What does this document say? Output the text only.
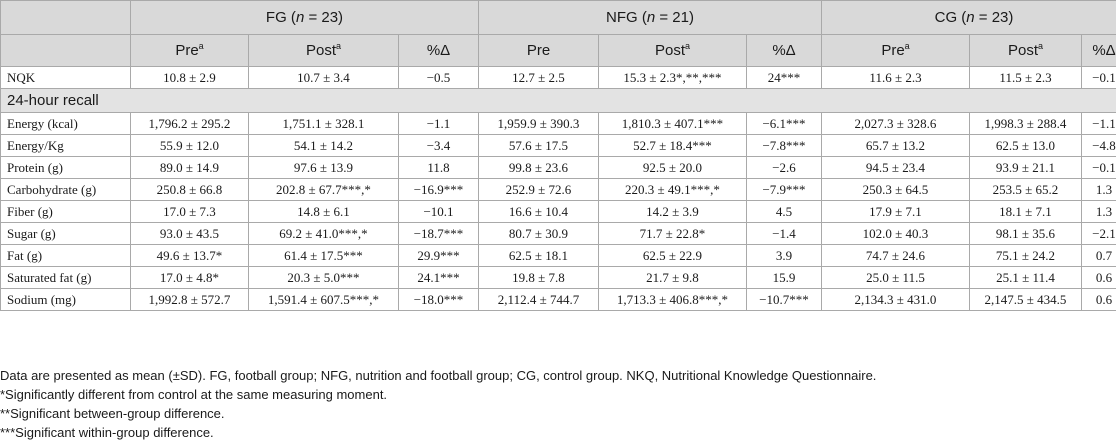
	FG (n = 23)			NFG (n = 21)			CG (n = 23)		
	Pre$^a$	Post$^a$	%Δ	Pre	Post$^a$	%Δ	Pre$^a$	Post$^a$	%Δ
NQK	10.8 ± 2.9	10.7 ± 3.4	−0.5	12.7 ± 2.5	15.3 ± 2.3*,**,***	24***	11.6 ± 2.3	11.5 ± 2.3	−0.1
24-hour recall									
Energy (kcal)	1,796.2 ± 295.2	1,751.1 ± 328.1	−1.1	1,959.9 ± 390.3	1,810.3 ± 407.1***	−6.1***	2,027.3 ± 328.6	1,998.3 ± 288.4	−1.1
Energy/Kg	55.9 ± 12.0	54.1 ± 14.2	−3.4	57.6 ± 17.5	52.7 ± 18.4***	−7.8***	65.7 ± 13.2	62.5 ± 13.0	−4.8
Protein (g)	89.0 ± 14.9	97.6 ± 13.9	11.8	99.8 ± 23.6	92.5 ± 20.0	−2.6	94.5 ± 23.4	93.9 ± 21.1	−0.1
Carbohydrate (g)	250.8 ± 66.8	202.8 ± 67.7***,*	−16.9***	252.9 ± 72.6	220.3 ± 49.1***,*	−7.9***	250.3 ± 64.5	253.5 ± 65.2	1.3
Fiber (g)	17.0 ± 7.3	14.8 ± 6.1	−10.1	16.6 ± 10.4	14.2 ± 3.9	4.5	17.9 ± 7.1	18.1 ± 7.1	1.3
Sugar (g)	93.0 ± 43.5	69.2 ± 41.0***,*	−18.7***	80.7 ± 30.9	71.7 ± 22.8*	−1.4	102.0 ± 40.3	98.1 ± 35.6	−2.1
Fat (g)	49.6 ± 13.7*	61.4 ± 17.5***	29.9***	62.5 ± 18.1	62.5 ± 22.9	3.9	74.7 ± 24.6	75.1 ± 24.2	0.7
Saturated fat (g)	17.0 ± 4.8*	20.3 ± 5.0***	24.1***	19.8 ± 7.8	21.7 ± 9.8	15.9	25.0 ± 11.5	25.1 ± 11.4	0.6
Sodium (mg)	1,992.8 ± 572.7	1,591.4 ± 607.5***,*	−18.0***	2,112.4 ± 744.7	1,713.3 ± 406.8***,*	−10.7***	2,134.3 ± 431.0	2,147.5 ± 434.5	0.6
Data are presented as mean (±SD). FG, football group; NFG, nutrition and football group; CG, control group. NKQ, Nutritional Knowledge Questionnaire.
*Significantly different from control at the same measuring moment.
**Significant between-group difference.
***Significant within-group difference.
